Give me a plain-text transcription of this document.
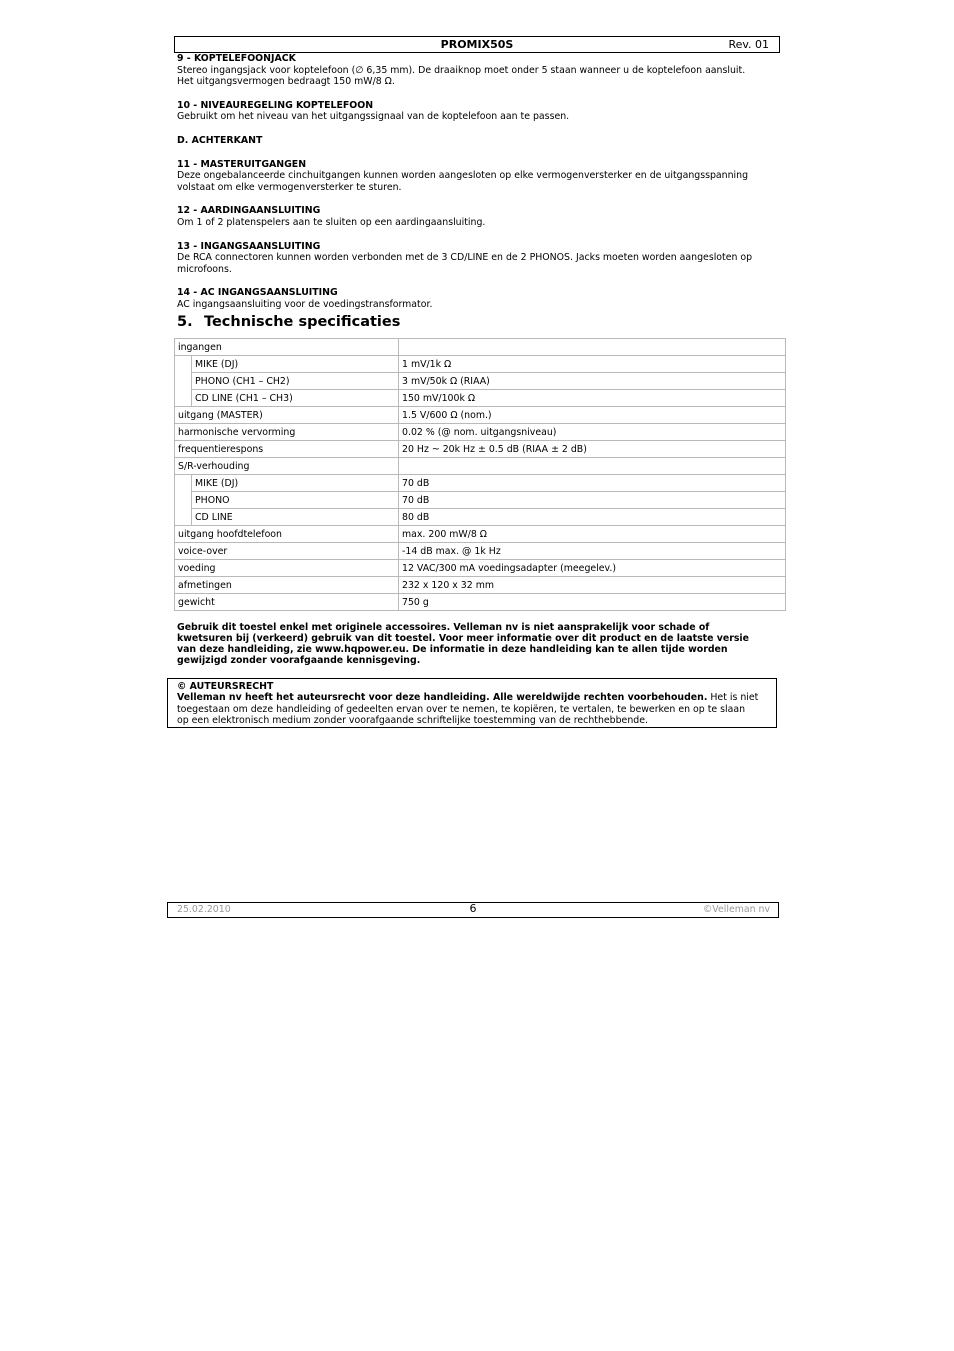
PROMIX50S	Rev. 01

9 - KOPTELEFOONJACK

Stereo ingangsjack voor koptelefoon (∅ 6,35 mm). De draaiknop moet onder 5 staan wanneer u de koptelefoon aansluit.

Het uitgangsvermogen bedraagt 150 mW/8 Ω.

10 - NIVEAUREGELING KOPTELEFOON

Gebruikt om het niveau van het uitgangssignaal van de koptelefoon aan te passen.

D. ACHTERKANT

11 - MASTERUITGANGEN

Deze ongebalanceerde cinchuitgangen kunnen worden aangesloten op elke vermogenversterker en de uitgangsspanning

volstaat om elke vermogenversterker te sturen.

12 - AARDINGAANSLUITING

Om 1 of 2 platenspelers aan te sluiten op een aardingaansluiting.

13 - INGANGSAANSLUITING

De RCA connectoren kunnen worden verbonden met de 3 CD/LINE en de 2 PHONOS. Jacks moeten worden aangesloten op

microfoons.

14 - AC INGANGSAANSLUITING

AC ingangsaansluiting voor de voedingstransformator.

5. Technische specificaties
ingangen		
	MIKE (DJ)	1 mV/1k Ω
	PHONO (CH1 – CH2)	3 mV/50k Ω (RIAA)
	CD LINE (CH1 – CH3)	150 mV/100k Ω
uitgang (MASTER)		1.5 V/600 Ω (nom.)
harmonische vervorming		0.02 % (@ nom. uitgangsniveau)
frequentierespons		20 Hz ~ 20k Hz ± 0.5 dB (RIAA ± 2 dB)
S/R-verhouding		
	MIKE (DJ)	70 dB
	PHONO	70 dB
	CD LINE	80 dB
uitgang hoofdtelefoon		max. 200 mW/8 Ω
voice-over		-14 dB max. @ 1k Hz
voeding		12 VAC/300 mA voedingsadapter (meegelev.)
afmetingen		232 x 120 x 32 mm
gewicht		750 g
Gebruik dit toestel enkel met originele accessoires. Velleman nv is niet aansprakelijk voor schade of
kwetsuren bij (verkeerd) gebruik van dit toestel. Voor meer informatie over dit product en de laatste versie
van deze handleiding, zie www.hqpower.eu. De informatie in deze handleiding kan te allen tijde worden
gewijzigd zonder voorafgaande kennisgeving.

© AUTEURSRECHT

Velleman nv heeft het auteursrecht voor deze handleiding. Alle wereldwijde rechten voorbehouden. Het is niet

toegestaan om deze handleiding of gedeelten ervan over te nemen, te kopiëren, te vertalen, te bewerken en op te slaan

op een elektronisch medium zonder voorafgaande schriftelijke toestemming van de rechthebbende.

25.02.2010	6	©Velleman nv
